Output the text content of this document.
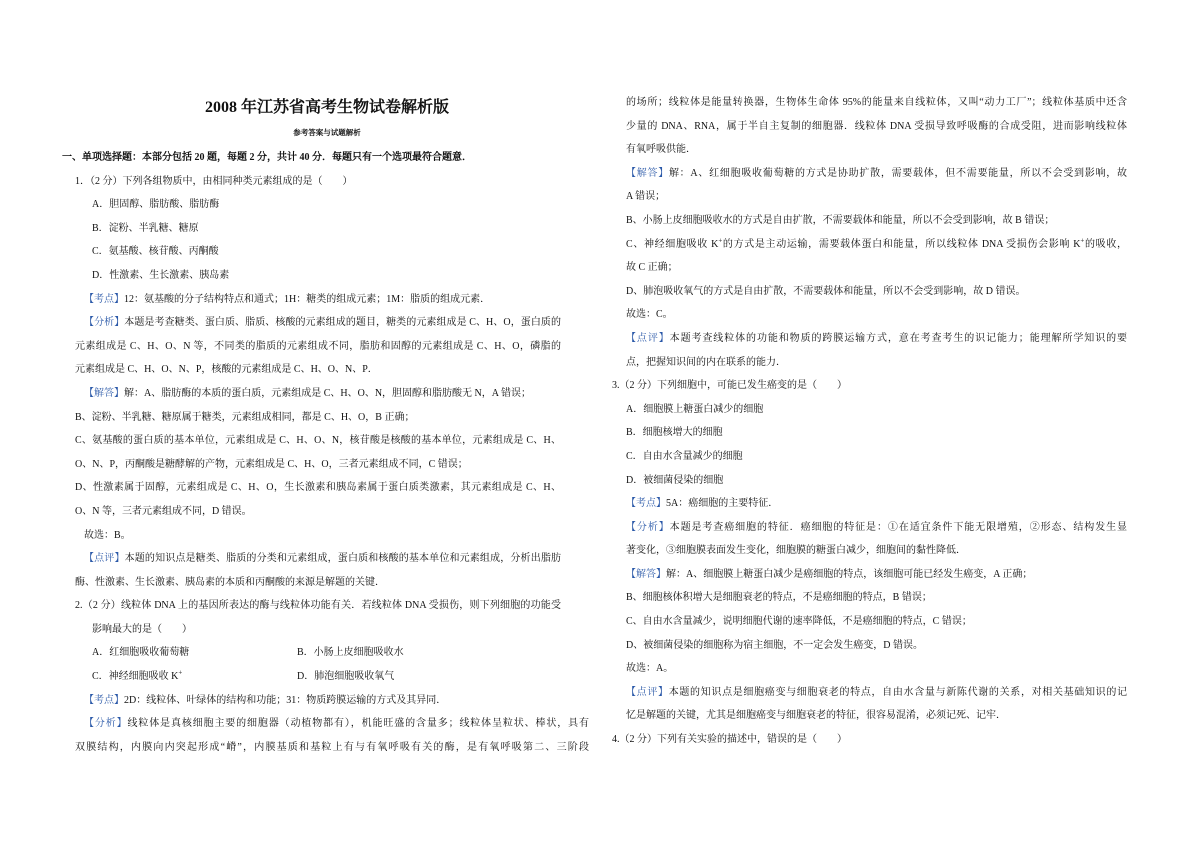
2008 年江苏省高考生物试卷解析版
参考答案与试题解析
一、单项选择题：本部分包括 20 题，每题 2 分，共计 40 分．每题只有一个选项最符合题意．
1．（2 分）下列各组物质中，由相同种类元素组成的是（　　）
A．胆固醇、脂肪酸、脂肪酶
B．淀粉、半乳糖、糖原
C．氨基酸、核苷酸、丙酮酸
D．性激素、生长激素、胰岛素
【考点】12：氨基酸的分子结构特点和通式；1H：糖类的组成元素；1M：脂质的组成元素．
【分析】本题是考查糖类、蛋白质、脂质、核酸的元素组成的题目，糖类的元素组成是 C、H、O，蛋白质的
元素组成是 C、H、O、N 等，不同类的脂质的元素组成不同，脂肪和固醇的元素组成是 C、H、O，磷脂的
元素组成是 C、H、O、N、P，核酸的元素组成是 C、H、O、N、P．
【解答】解：A、脂肪酶的本质的蛋白质，元素组成是 C、H、O、N，胆固醇和脂肪酸无 N，A 错误；
B、淀粉、半乳糖、糖原属于糖类，元素组成相同，都是 C、H、O，B 正确；
C、氨基酸的蛋白质的基本单位，元素组成是 C、H、O、N，核苷酸是核酸的基本单位，元素组成是 C、H、
O、N、P，丙酮酸是糖酵解的产物，元素组成是 C、H、O，三者元素组成不同，C 错误；
D、性激素属于固醇，元素组成是 C、H、O，生长激素和胰岛素属于蛋白质类激素，其元素组成是 C、H、
O、N 等，三者元素组成不同，D 错误。
故选：B。
【点评】本题的知识点是糖类、脂质的分类和元素组成，蛋白质和核酸的基本单位和元素组成，分析出脂肪
酶、性激素、生长激素、胰岛素的本质和丙酮酸的来源是解题的关键．
2.（2 分）线粒体 DNA 上的基因所表达的酶与线粒体功能有关．若线粒体 DNA 受损伤，则下列细胞的功能受
影响最大的是（　　）
A．红细胞吸收葡萄糖	B．小肠上皮细胞吸收水
C．神经细胞吸收 K+	D．肺泡细胞吸收氧气
【考点】2D：线粒体、叶绿体的结构和功能；31：物质跨膜运输的方式及其异同．
【分析】线粒体是真核细胞主要的细胞器（动植物都有），机能旺盛的含量多；线粒体呈粒状、棒状，具有
双膜结构，内膜向内突起形成“嵴”，内膜基质和基粒上有与有氧呼吸有关的酶，是有氧呼吸第二、三阶段
的场所；线粒体是能量转换器，生物体生命体 95%的能量来自线粒体，又叫“动力工厂”；线粒体基质中还含
少量的 DNA、RNA，属于半自主复制的细胞器．线粒体 DNA 受损导致呼吸酶的合成受阻，进而影响线粒体
有氧呼吸供能．
【解答】解：A、红细胞吸收葡萄糖的方式是协助扩散，需要载体，但不需要能量，所以不会受到影响，故
A 错误；
B、小肠上皮细胞吸收水的方式是自由扩散，不需要载体和能量，所以不会受到影响，故 B 错误；
C、神经细胞吸收 K+的方式是主动运输，需要载体蛋白和能量，所以线粒体 DNA 受损伤会影响 K+的吸收，
故 C 正确；
D、肺泡吸收氧气的方式是自由扩散，不需要载体和能量，所以不会受到影响，故 D 错误。
故选：C。
【点评】本题考查线粒体的功能和物质的跨膜运输方式，意在考查考生的识记能力；能理解所学知识的要
点，把握知识间的内在联系的能力．
3.（2 分）下列细胞中，可能已发生癌变的是（　　）
A．细胞膜上糖蛋白减少的细胞
B．细胞核增大的细胞
C．自由水含量减少的细胞
D．被细菌侵染的细胞
【考点】5A：癌细胞的主要特征．
【分析】本题是考查癌细胞的特征．癌细胞的特征是：①在适宜条件下能无限增殖，②形态、结构发生显
著变化，③细胞膜表面发生变化，细胞膜的糖蛋白减少，细胞间的黏性降低．
【解答】解：A、细胞膜上糖蛋白减少是癌细胞的特点，该细胞可能已经发生癌变，A 正确；
B、细胞核体积增大是细胞衰老的特点，不是癌细胞的特点，B 错误；
C、自由水含量减少，说明细胞代谢的速率降低，不是癌细胞的特点，C 错误；
D、被细菌侵染的细胞称为宿主细胞，不一定会发生癌变，D 错误。
故选：A。
【点评】本题的知识点是细胞癌变与细胞衰老的特点，自由水含量与新陈代谢的关系，对相关基础知识的记
忆是解题的关键，尤其是细胞癌变与细胞衰老的特征，很容易混淆，必须记死、记牢．
4.（2 分）下列有关实验的描述中，错误的是（　　）
